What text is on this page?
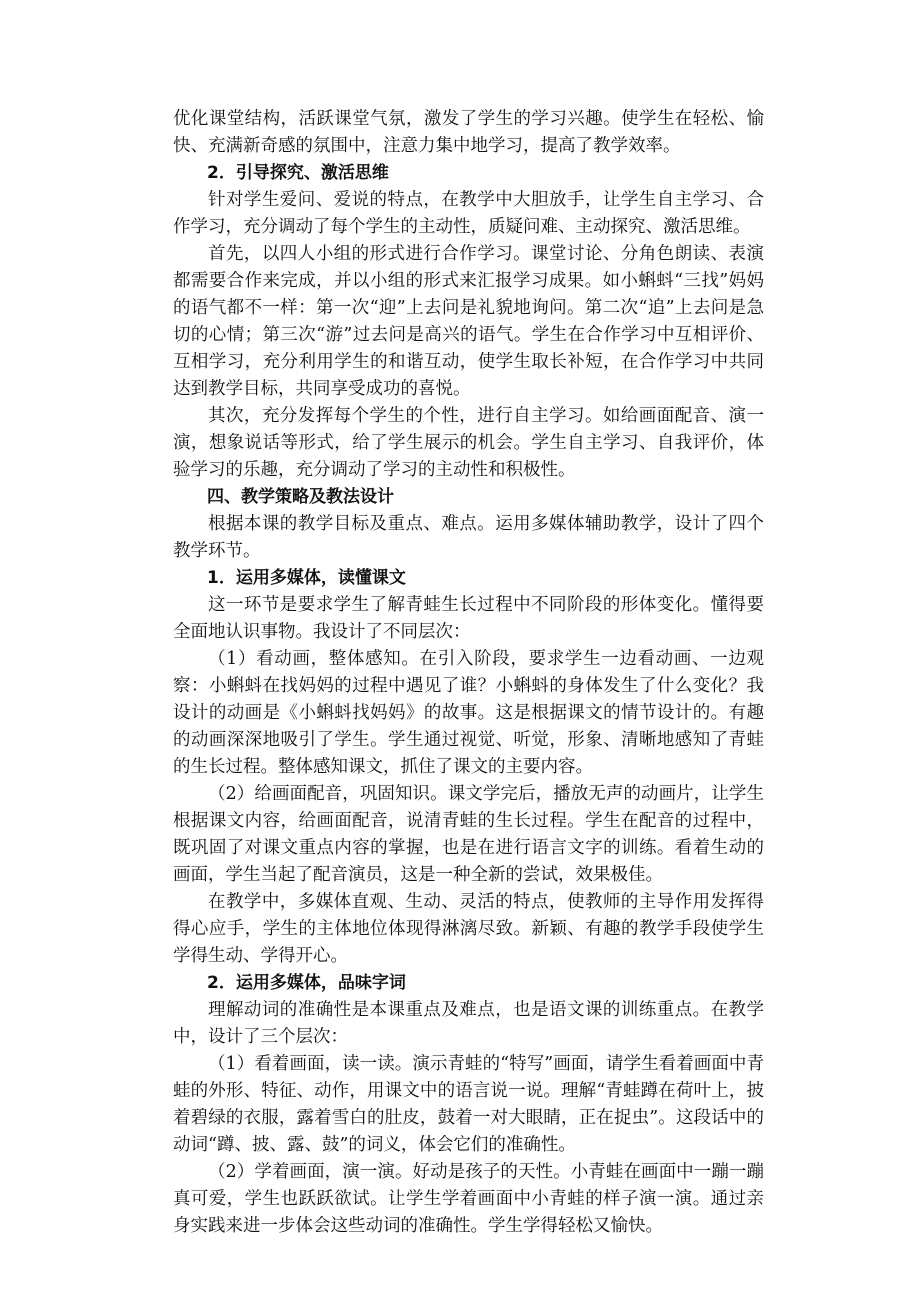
优化课堂结构，活跃课堂气氛，激发了学生的学习兴趣。使学生在轻松、愉快、充满新奇感的氛围中，注意力集中地学习，提高了教学效率。

2．引导探究、激活思维

针对学生爱问、爱说的特点，在教学中大胆放手，让学生自主学习、合作学习，充分调动了每个学生的主动性，质疑问难、主动探究、激活思维。

首先，以四人小组的形式进行合作学习。课堂讨论、分角色朗读、表演都需要合作来完成，并以小组的形式来汇报学习成果。如小蝌蚪“三找”妈妈的语气都不一样：第一次“迎”上去问是礼貌地询问。第二次“追”上去问是急切的心情；第三次“游”过去问是高兴的语气。学生在合作学习中互相评价、互相学习，充分利用学生的和谐互动，使学生取长补短，在合作学习中共同达到教学目标，共同享受成功的喜悦。

其次，充分发挥每个学生的个性，进行自主学习。如给画面配音、演一演，想象说话等形式，给了学生展示的机会。学生自主学习、自我评价，体验学习的乐趣，充分调动了学习的主动性和积极性。

四、教学策略及教法设计

根据本课的教学目标及重点、难点。运用多媒体辅助教学，设计了四个教学环节。

1．运用多媒体，读懂课文

这一环节是要求学生了解青蛙生长过程中不同阶段的形体变化。懂得要全面地认识事物。我设计了不同层次：

（1）看动画，整体感知。在引入阶段，要求学生一边看动画、一边观察：小蝌蚪在找妈妈的过程中遇见了谁？小蝌蚪的身体发生了什么变化？我设计的动画是《小蝌蚪找妈妈》的故事。这是根据课文的情节设计的。有趣的动画深深地吸引了学生。学生通过视觉、听觉，形象、清晰地感知了青蛙的生长过程。整体感知课文，抓住了课文的主要内容。

（2）给画面配音，巩固知识。课文学完后，播放无声的动画片，让学生根据课文内容，给画面配音，说清青蛙的生长过程。学生在配音的过程中，既巩固了对课文重点内容的掌握，也是在进行语言文字的训练。看着生动的画面，学生当起了配音演员，这是一种全新的尝试，效果极佳。

在教学中，多媒体直观、生动、灵活的特点，使教师的主导作用发挥得得心应手，学生的主体地位体现得淋漓尽致。新颖、有趣的教学手段使学生学得生动、学得开心。

2．运用多媒体，品味字词

理解动词的准确性是本课重点及难点，也是语文课的训练重点。在教学中，设计了三个层次：

（1）看着画面，读一读。演示青蛙的“特写”画面，请学生看着画面中青蛙的外形、特征、动作，用课文中的语言说一说。理解“青蛙蹲在荷叶上，披着碧绿的衣服，露着雪白的肚皮，鼓着一对大眼睛，正在捉虫”。这段话中的动词“蹲、披、露、鼓”的词义，体会它们的准确性。

（2）学着画面，演一演。好动是孩子的天性。小青蛙在画面中一蹦一蹦真可爱，学生也跃跃欲试。让学生学着画面中小青蛙的样子演一演。通过亲身实践来进一步体会这些动词的准确性。学生学得轻松又愉快。
